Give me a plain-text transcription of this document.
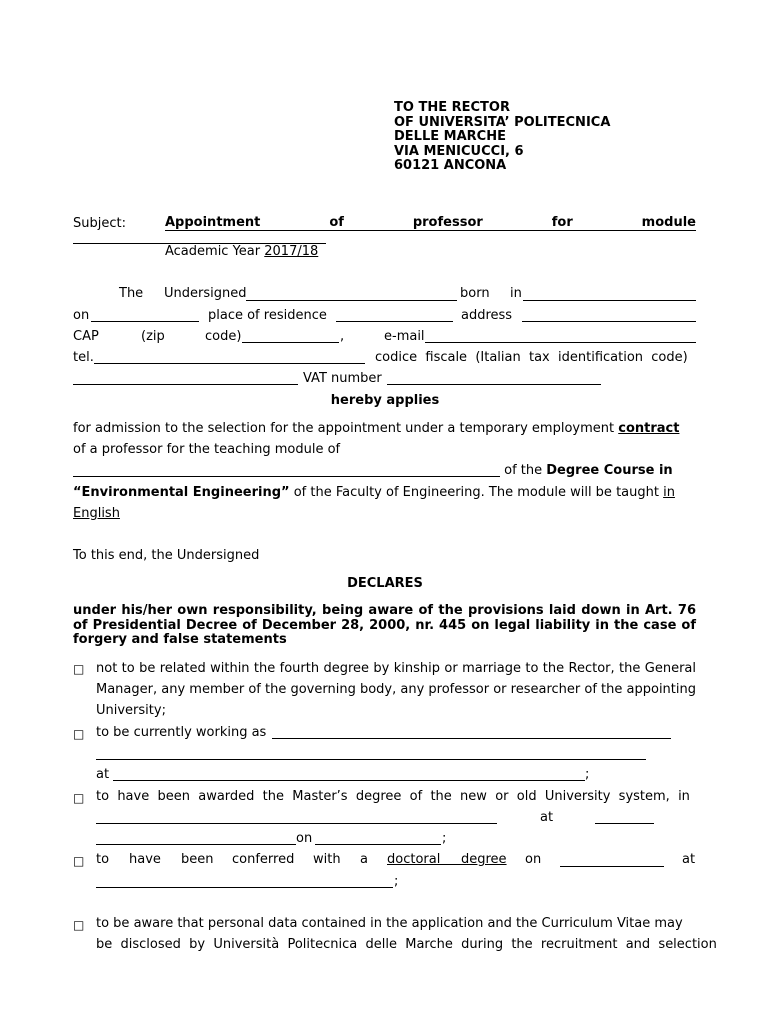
TO THE RECTOR
OF UNIVERSITA’ POLITECNICA
DELLE MARCHE
VIA MENICUCCI, 6
60121 ANCONA
Subject:	Appointment	of	professor	for	module
Academic Year 2017/18
The Undersigned	born in
on	place of residence	address
CAP	(zip	code)	,	e-mail
tel.	codice  fiscale  (Italian  tax  identification  code)
VAT number
hereby applies
for admission to the selection for the appointment under a temporary employment contract
of a professor for the teaching module of
of the Degree Course in
“Environmental Engineering” of the Faculty of Engineering. The module will be taught in
English
To this end, the Undersigned
DECLARES
under his/her own responsibility, being aware of the provisions laid down in Art. 76 of Presidential Decree of December 28, 2000, nr. 445 on legal liability in the case of forgery and false statements
□ not to be related within the fourth degree by kinship or marriage to the Rector, the General Manager, any member of the governing body, any professor or researcher of the appointing University;
□ to be currently working as
at	;
□ to  have  been  awarded  the  Master’s  degree  of  the  new  or  old  University  system,  in
at
on	;
□ to have been conferred with a doctoral     degree on	at
;
□ to be aware that personal data contained in the application and the Curriculum Vitae may
be  disclosed  by  Università  Politecnica  delle  Marche  during  the  recruitment  and  selection
